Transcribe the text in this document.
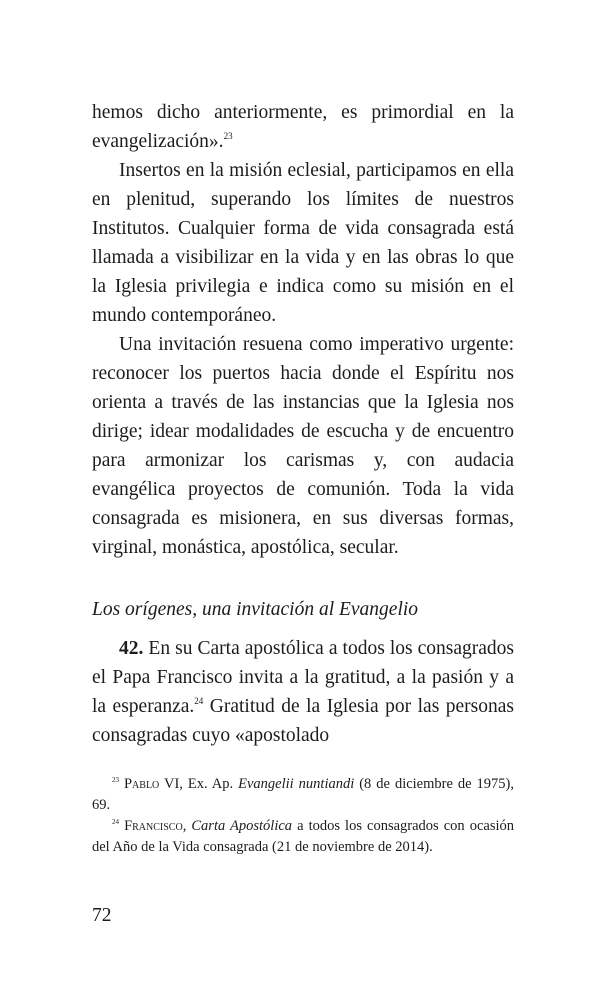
hemos dicho anteriormente, es primordial en la evangelización».$^{23}$

Insertos en la misión eclesial, participamos en ella en plenitud, superando los límites de nuestros Institutos. Cualquier forma de vida consagrada está llamada a visibilizar en la vida y en las obras lo que la Iglesia privilegia e indica como su misión en el mundo contemporáneo.

Una invitación resuena como imperativo urgente: reconocer los puertos hacia donde el Espíritu nos orienta a través de las instancias que la Iglesia nos dirige; idear modalidades de escucha y de encuentro para armonizar los carismas y, con audacia evangélica proyectos de comunión. Toda la vida consagrada es misionera, en sus diversas formas, virginal, monástica, apostólica, secular.

Los orígenes, una invitación al Evangelio

42. En su Carta apostólica a todos los consagrados el Papa Francisco invita a la gratitud, a la pasión y a la esperanza.$^{24}$ Gratitud de la Iglesia por las personas consagradas cuyo «apostolado

$^{23}$ Pablo VI, Ex. Ap. Evangelii nuntiandi (8 de diciembre de 1975), 69.

$^{24}$ Francisco, Carta Apostólica a todos los consagrados con ocasión del Año de la Vida consagrada (21 de noviembre de 2014).

72
